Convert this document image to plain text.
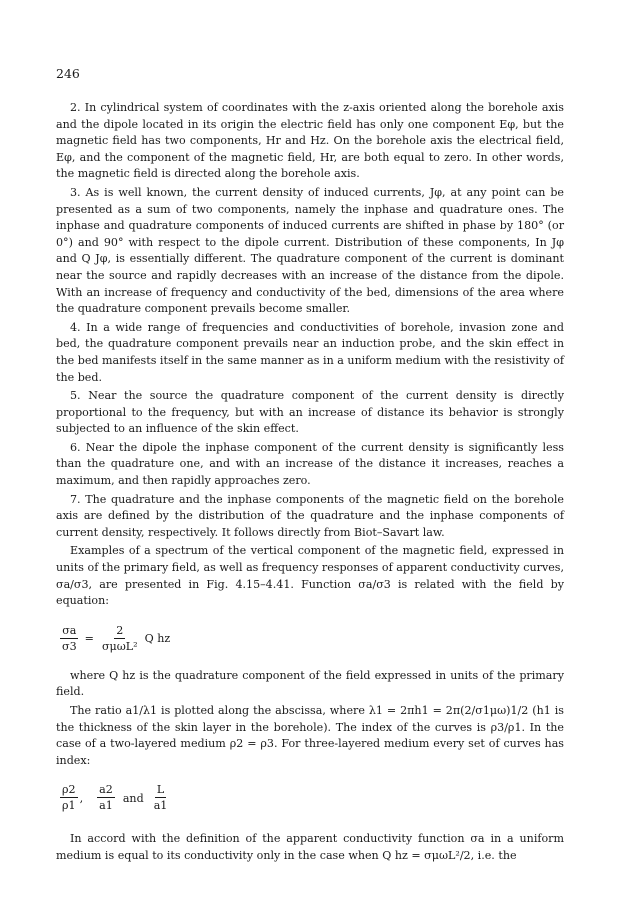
246

2. In cylindrical system of coordinates with the z-axis oriented along the borehole axis and the dipole located in its origin the electric field has only one component Eφ, but the magnetic field has two components, Hr and Hz. On the borehole axis the electrical field, Eφ, and the component of the magnetic field, Hr, are both equal to zero. In other words, the magnetic field is directed along the borehole axis.

3. As is well known, the current density of induced currents, Jφ, at any point can be presented as a sum of two components, namely the inphase and quadrature ones. The inphase and quadrature components of induced currents are shifted in phase by 180° (or 0°) and 90° with respect to the dipole current. Distribution of these components, In Jφ and Q Jφ, is essentially different. The quadrature component of the current is dominant near the source and rapidly decreases with an increase of the distance from the dipole. With an increase of frequency and conductivity of the bed, dimensions of the area where the quadrature component prevails become smaller.

4. In a wide range of frequencies and conductivities of borehole, invasion zone and bed, the quadrature component prevails near an induction probe, and the skin effect in the bed manifests itself in the same manner as in a uniform medium with the resistivity of the bed.

5. Near the source the quadrature component of the current density is directly proportional to the frequency, but with an increase of distance its behavior is strongly subjected to an influence of the skin effect.

6. Near the dipole the inphase component of the current density is significantly less than the quadrature one, and with an increase of the distance it increases, reaches a maximum, and then rapidly approaches zero.

7. The quadrature and the inphase components of the magnetic field on the borehole axis are defined by the distribution of the quadrature and the inphase components of current density, respectively. It follows directly from Biot–Savart law.

Examples of a spectrum of the vertical component of the magnetic field, expressed in units of the primary field, as well as frequency responses of apparent conductivity curves, σa/σ3, are presented in Fig. 4.15–4.41. Function σa/σ3 is related with the field by equation:

$\frac{\sigma a}{\sigma 3} = \frac{2}{\text{σμωL²}}$ Q hz

where Q hz is the quadrature component of the field expressed in units of the primary field.

The ratio a1/λ1 is plotted along the abscissa, where λ1 = 2πh1 = 2π(2/σ1μω)1/2 (h1 is the thickness of the skin layer in the borehole). The index of the curves is ρ3/ρ1. In the case of a two-layered medium ρ2 = ρ3. For three-layered medium every set of curves has index:

$\frac{\rho 2}{\rho 1}$ , $\frac{a2}{a1}$ and $\frac{L}{a1}$

In accord with the definition of the apparent conductivity function σa in a uniform medium is equal to its conductivity only in the case when Q hz = σμωL²/2, i.e. the
